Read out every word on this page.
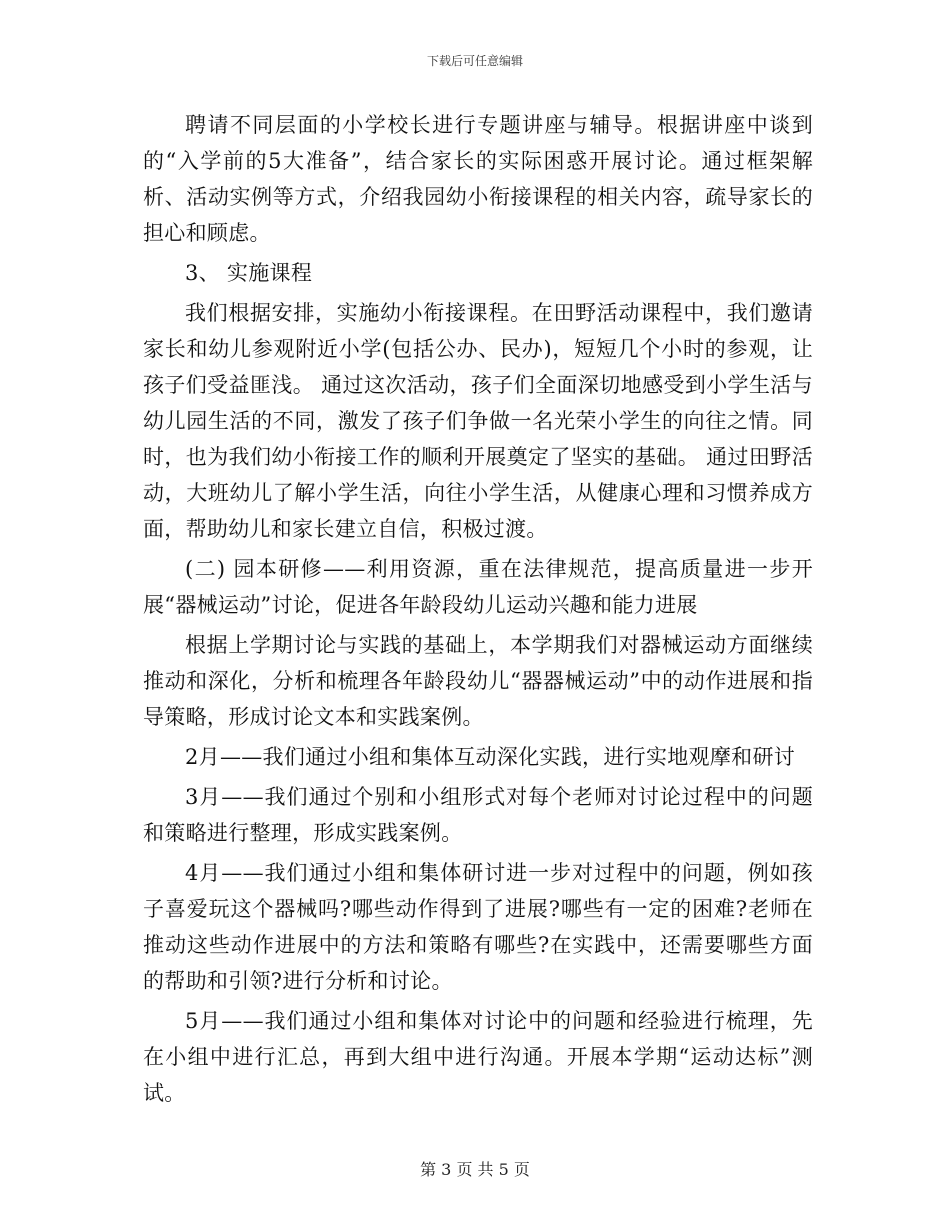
下载后可任意编辑

聘请不同层面的小学校长进行专题讲座与辅导。根据讲座中谈到的“入学前的5大准备”，结合家长的实际困惑开展讨论。通过框架解析、活动实例等方式，介绍我园幼小衔接课程的相关内容，疏导家长的担心和顾虑。

3、 实施课程

我们根据安排，实施幼小衔接课程。在田野活动课程中，我们邀请家长和幼儿参观附近小学(包括公办、民办)，短短几个小时的参观，让孩子们受益匪浅。 通过这次活动，孩子们全面深切地感受到小学生活与幼儿园生活的不同，激发了孩子们争做一名光荣小学生的向往之情。同时，也为我们幼小衔接工作的顺利开展奠定了坚实的基础。 通过田野活动，大班幼儿了解小学生活，向往小学生活，从健康心理和习惯养成方面，帮助幼儿和家长建立自信，积极过渡。

(二) 园本研修——利用资源，重在法律规范，提高质量进一步开展“器械运动”讨论，促进各年龄段幼儿运动兴趣和能力进展

根据上学期讨论与实践的基础上，本学期我们对器械运动方面继续推动和深化，分析和梳理各年龄段幼儿“器器械运动”中的动作进展和指导策略，形成讨论文本和实践案例。

2月——我们通过小组和集体互动深化实践，进行实地观摩和研讨

3月——我们通过个别和小组形式对每个老师对讨论过程中的问题和策略进行整理，形成实践案例。

4月——我们通过小组和集体研讨进一步对过程中的问题，例如孩子喜爱玩这个器械吗?哪些动作得到了进展?哪些有一定的困难?老师在推动这些动作进展中的方法和策略有哪些?在实践中，还需要哪些方面的帮助和引领?进行分析和讨论。

5月——我们通过小组和集体对讨论中的问题和经验进行梳理，先在小组中进行汇总，再到大组中进行沟通。开展本学期“运动达标”测试。

第 3 页 共 5 页
